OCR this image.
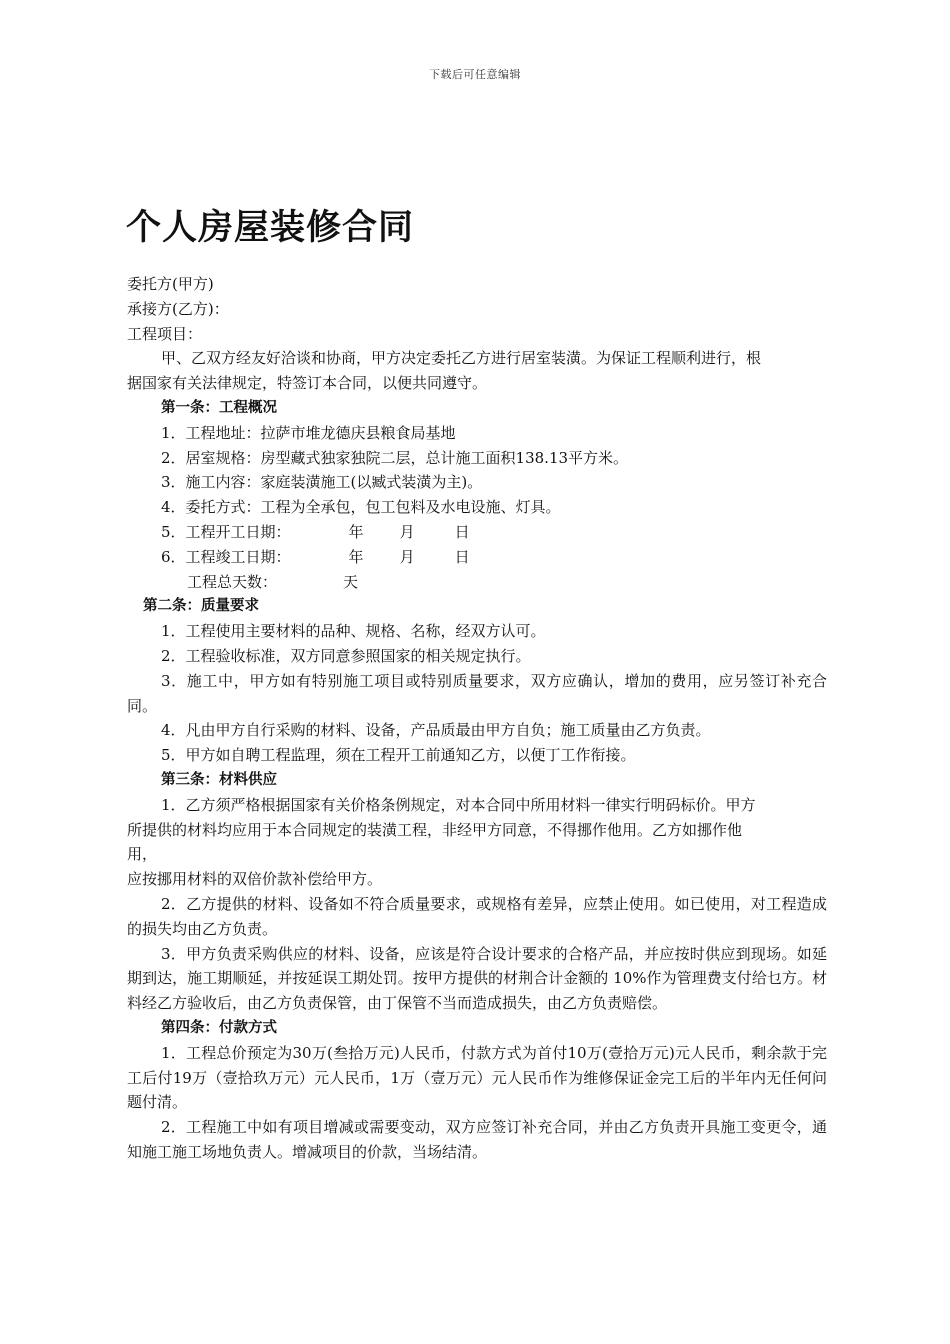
下载后可任意编辑
个人房屋装修合同

委托方(甲方)

承接方(乙方)：

工程项目：

甲、乙双方经友好洽谈和协商，甲方决定委托乙方进行居室装潢。为保证工程顺利进行，根

据国家有关法律规定，特签订本合同，以便共同遵守。

第一条：工程概况

1．工程地址：拉萨市堆龙德庆县粮食局基地

2．居室规格：房型藏式独家独院二层，总计施工面积138.13平方米。

3．施工内容：家庭装潢施工(以臧式装潢为主)。

4．委托方式：工程为全承包，包工包料及水电设施、灯具。

5．工程开工日期：	年 月	日

6．工程竣工日期：	年 月	日

工程总天数：	天

第二条：质量要求

1．工程使用主要材料的品种、规格、名称，经双方认可。

2．工程验收标准，双方同意参照国家的相关规定执行。

3．施工中，甲方如有特别施工项目或特别质量要求，双方应确认，增加的费用，应另签订补充合同。

4．凡由甲方自行采购的材料、设备，产品质最由甲方自负；施工质量由乙方负责。

5．甲方如自聘工程监理，须在工程开工前通知乙方，以便丁工作衔接。

第三条：材料供应

1．乙方须严格根据国家有关价格条例规定，对本合同中所用材料一律实行明码标价。甲方

所提供的材料均应用于本合同规定的装潢工程，非经甲方同意，不得挪作他用。乙方如挪作他

用，

应按挪用材料的双倍价款补偿给甲方。

2．乙方提供的材料、设备如不符合质量要求，或规格有差异，应禁止使用。如已使用，对工程造成的损失均由乙方负责。

3．甲方负责采购供应的材料、设备，应该是符合设计要求的合格产品，并应按时供应到现场。如延期到达，施工期顺延，并按延误工期处罚。按甲方提供的材荆合计金额的 10%作为管理费支付给乜方。材料经乙方验收后，由乙方负责保管，由丁保管不当而造成损失，由乙方负责赔偿。

第四条：付款方式

1．工程总价预定为30万(叁拾万元)人民币，付款方式为首付10万(壹拾万元)元人民币，剩余款于完工后付19万（壹拾玖万元）元人民币，1万（壹万元）元人民币作为维修保证金完工后的半年内无任何问题付清。

2．工程施工中如有项目增减或需要变动，双方应签订补充合同，并由乙方负责开具施工变更令，通知施工施工场地负责人。增减项目的价款，当场结清。
